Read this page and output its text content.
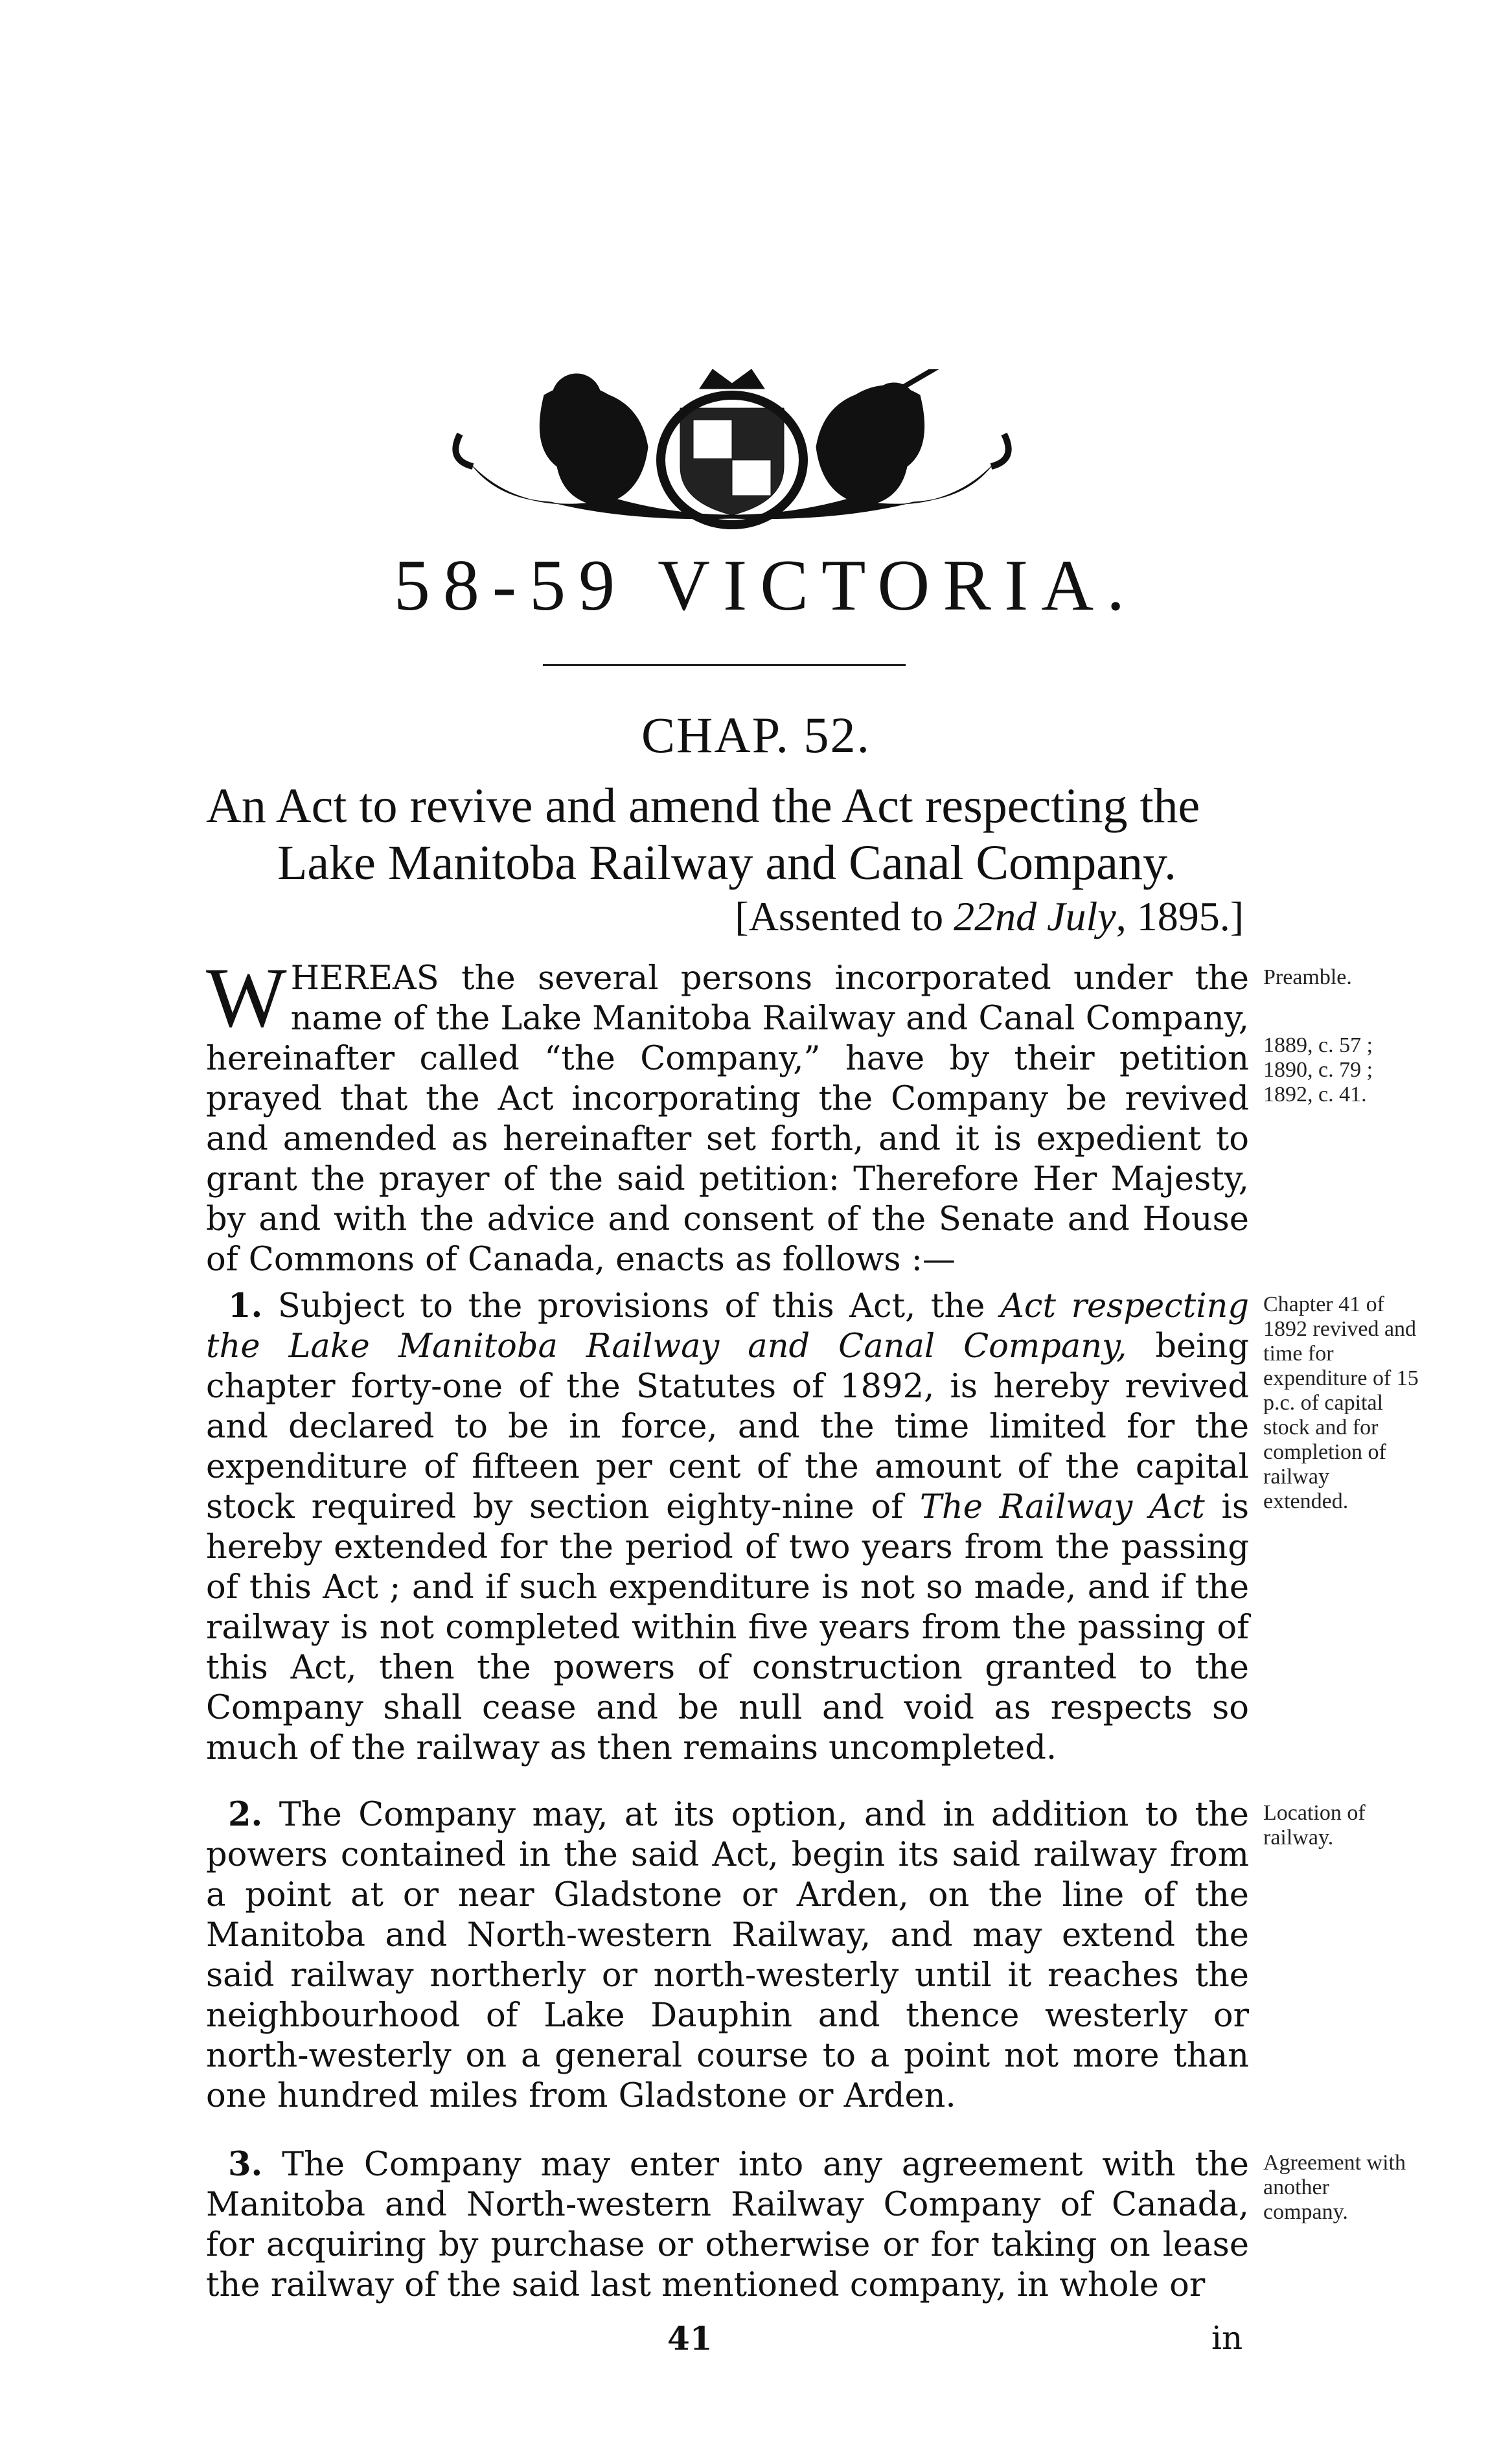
58-59 VICTORIA.
CHAP. 52.
An Act to revive and amend the Act respecting the
Lake Manitoba Railway and Canal Company.
[Assented to 22nd July, 1895.]

WHEREAS the several persons incorporated under the name of the Lake Manitoba Railway and Canal Company, hereinafter called “the Company,” have by their petition prayed that the Act incorporating the Company be revived and amended as hereinafter set forth, and it is expedient to grant the prayer of the said petition: Therefore Her Majesty, by and with the advice and consent of the Senate and House of Commons of Canada, enacts as follows :—

1. Subject to the provisions of this Act, the Act respecting the Lake Manitoba Railway and Canal Company, being chapter forty-one of the Statutes of 1892, is hereby revived and declared to be in force, and the time limited for the expenditure of fifteen per cent of the amount of the capital stock required by section eighty-nine of The Railway Act is hereby extended for the period of two years from the passing of this Act ; and if such expenditure is not so made, and if the railway is not completed within five years from the passing of this Act, then the powers of construction granted to the Company shall cease and be null and void as respects so much of the railway as then remains uncompleted.

2. The Company may, at its option, and in addition to the powers contained in the said Act, begin its said railway from a point at or near Gladstone or Arden, on the line of the Manitoba and North-western Railway, and may extend the said railway northerly or north-westerly until it reaches the neighbourhood of Lake Dauphin and thence westerly or north-westerly on a general course to a point not more than one hundred miles from Gladstone or Arden.

3. The Company may enter into any agreement with the Manitoba and North-western Railway Company of Canada, for acquiring by purchase or otherwise or for taking on lease the railway of the said last mentioned company, in whole or

Preamble.
1889, c. 57 ;
1890, c. 79 ;
1892, c. 41.
Chapter 41 of 1892 revived and time for expenditure of 15 p.c. of capital stock and for completion of railway extended.
Location of railway.
Agreement with another company.
41	in
